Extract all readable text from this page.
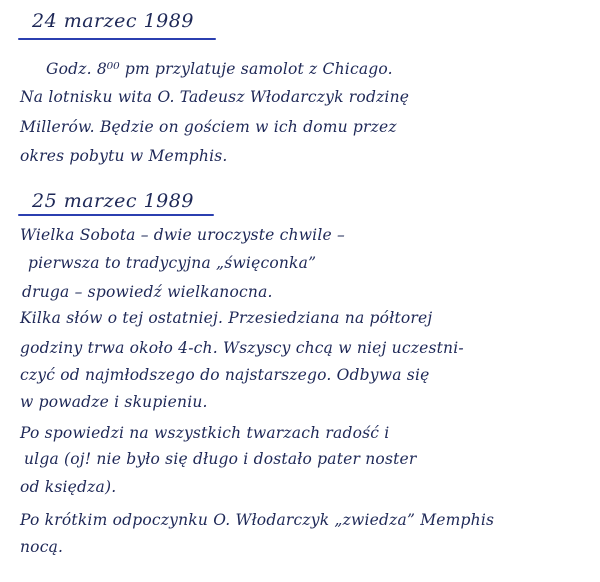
24 marzec 1989
Godz. 8⁰⁰ pm przylatuje samolot z Chicago.
Na lotnisku wita O. Tadeusz Włodarczyk rodzinę
Millerów. Będzie on gościem w ich domu przez
okres pobytu w Memphis.
25 marzec 1989
Wielka Sobota – dwie uroczyste chwile –
pierwsza to tradycyjna „święconka”
druga – spowiedź wielkanocna.
Kilka słów o tej ostatniej. Przesiedziana na półtorej
godziny trwa około 4-ch. Wszyscy chcą w niej uczestni-
czyć od najmłodszego do najstarszego. Odbywa się
w powadze i skupieniu.
Po spowiedzi na wszystkich twarzach radość i
ulga (oj! nie było się długo i dostało pater noster
od księdza).
Po krótkim odpoczynku O. Włodarczyk „zwiedza” Memphis
nocą.
